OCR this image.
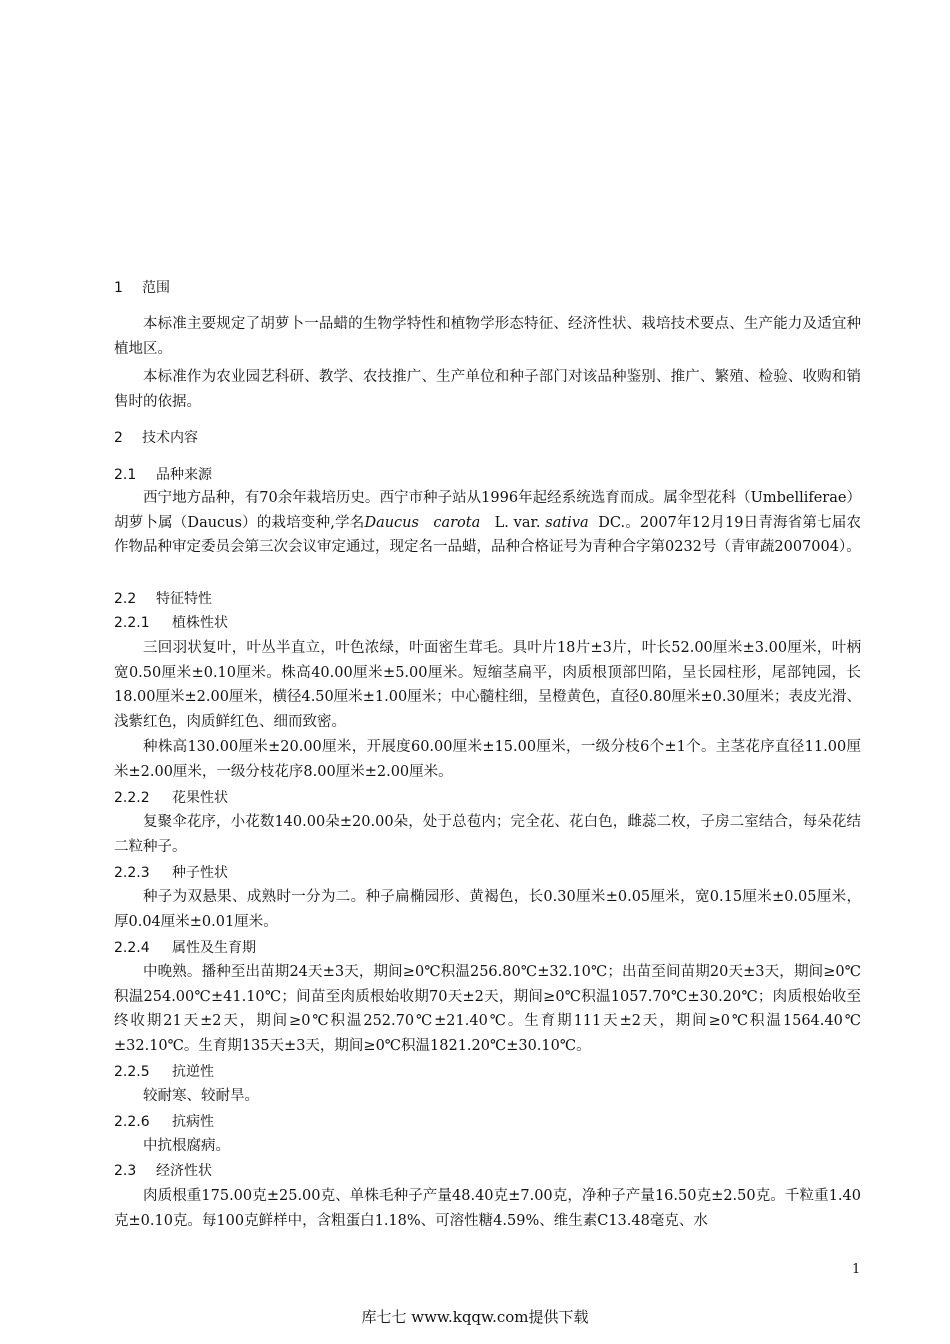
1 范围

本标准主要规定了胡萝卜一品蜡的生物学特性和植物学形态特征、经济性状、栽培技术要点、生产能力及适宜种植地区。

本标准作为农业园艺科研、教学、农技推广、生产单位和种子部门对该品种鉴别、推广、繁殖、检验、收购和销售时的依据。

2 技术内容
2.1 品种来源

西宁地方品种，有70余年栽培历史。西宁市种子站从1996年起经系统选育而成。属伞型花科（Umbelliferae）胡萝卜属（Daucus）的栽培变种,学名Daucus carota L. var. sativa DC.。2007年12月19日青海省第七届农作物品种审定委员会第三次会议审定通过，现定名一品蜡，品种合格证号为青种合字第0232号（青审蔬2007004）。

2.2 特征特性
2.2.1 植株性状

三回羽状复叶，叶丛半直立，叶色浓绿，叶面密生茸毛。具叶片18片±3片，叶长52.00厘米±3.00厘米，叶柄宽0.50厘米±0.10厘米。株高40.00厘米±5.00厘米。短缩茎扁平，肉质根顶部凹陷，呈长园柱形，尾部钝园，长18.00厘米±2.00厘米，横径4.50厘米±1.00厘米；中心髓柱细，呈橙黄色，直径0.80厘米±0.30厘米；表皮光滑、浅紫红色，肉质鲜红色、细而致密。

种株高130.00厘米±20.00厘米，开展度60.00厘米±15.00厘米，一级分枝6个±1个。主茎花序直径11.00厘米±2.00厘米，一级分枝花序8.00厘米±2.00厘米。

2.2.2 花果性状

复聚伞花序，小花数140.00朵±20.00朵，处于总苞内；完全花、花白色，雌蕊二枚，子房二室结合，每朵花结二粒种子。

2.2.3 种子性状

种子为双悬果、成熟时一分为二。种子扁椭园形、黄褐色，长0.30厘米±0.05厘米，宽0.15厘米±0.05厘米，厚0.04厘米±0.01厘米。

2.2.4 属性及生育期

中晚熟。播种至出苗期24天±3天，期间≥0℃积温256.80℃±32.10℃；出苗至间苗期20天±3天，期间≥0℃积温254.00℃±41.10℃；间苗至肉质根始收期70天±2天，期间≥0℃积温1057.70℃±30.20℃；肉质根始收至终收期21天±2天，期间≥0℃积温252.70℃±21.40℃。生育期111天±2天，期间≥0℃积温1564.40℃±32.10℃。生育期135天±3天，期间≥0℃积温1821.20℃±30.10℃。

2.2.5 抗逆性

较耐寒、较耐旱。

2.2.6 抗病性

中抗根腐病。

2.3 经济性状

肉质根重175.00克±25.00克、单株毛种子产量48.40克±7.00克，净种子产量16.50克±2.50克。千粒重1.40克±0.10克。每100克鲜样中，含粗蛋白1.18%、可溶性糖4.59%、维生素C13.48毫克、水

1
库七七 www.kqqw.com提供下载
